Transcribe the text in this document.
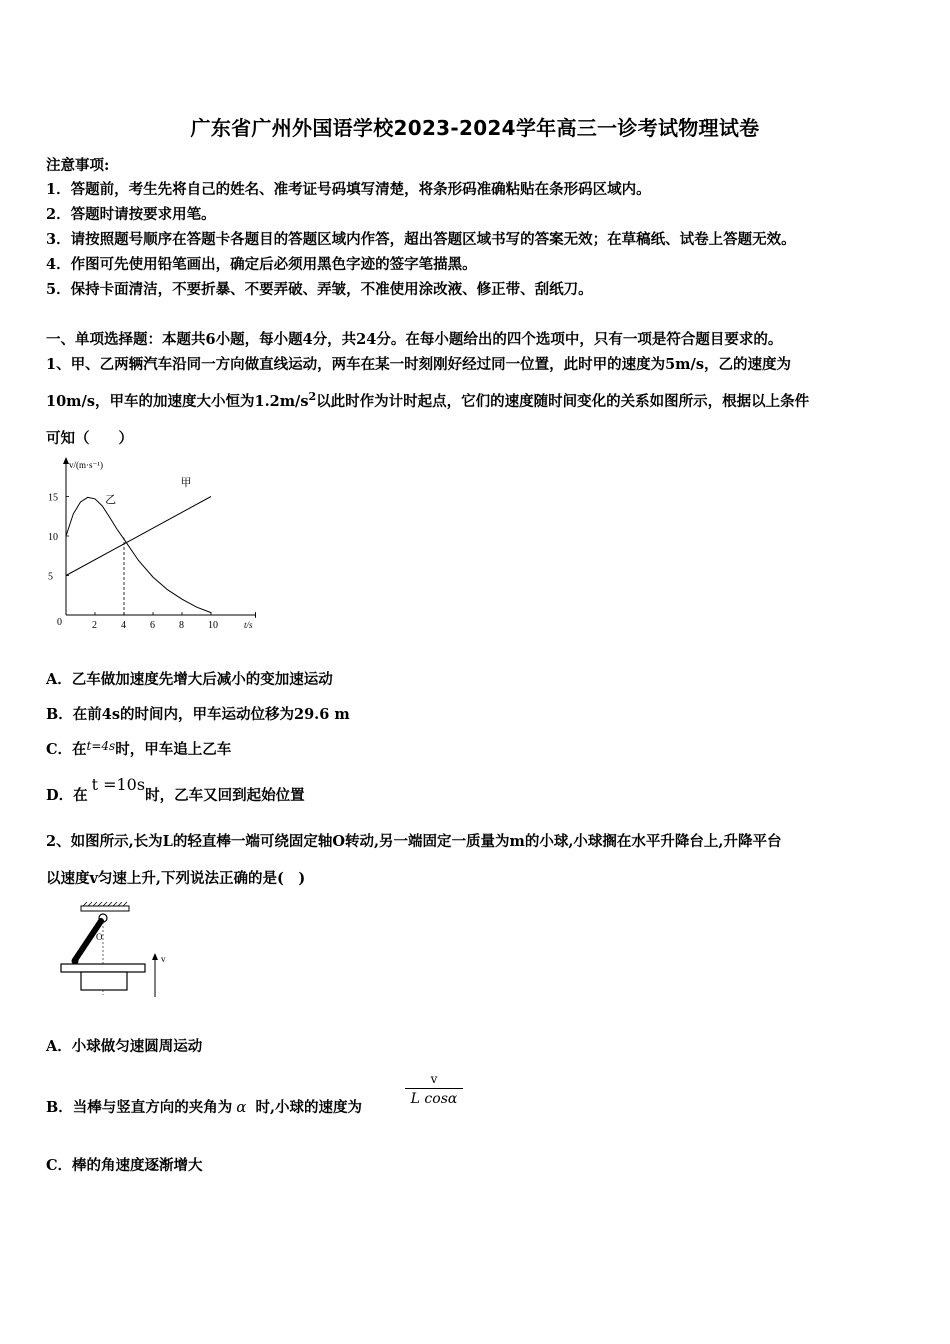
广东省广州外国语学校2023-2024学年高三一诊考试物理试卷
注意事项:
1．答题前，考生先将自己的姓名、准考证号码填写清楚，将条形码准确粘贴在条形码区域内。
2．答题时请按要求用笔。
3．请按照题号顺序在答题卡各题目的答题区域内作答，超出答题区域书写的答案无效；在草稿纸、试卷上答题无效。
4．作图可先使用铅笔画出，确定后必须用黑色字迹的签字笔描黑。
5．保持卡面清洁，不要折暴、不要弄破、弄皱，不准使用涂改液、修正带、刮纸刀。
一、单项选择题：本题共6小题，每小题4分，共24分。在每小题给出的四个选项中，只有一项是符合题目要求的。
1、甲、乙两辆汽车沿同一方向做直线运动，两车在某一时刻刚好经过同一位置，此时甲的速度为5m/s，乙的速度为
10m/s，甲车的加速度大小恒为$1.2m/s^2$以此时作为计时起点，它们的速度随时间变化的关系如图所示，根据以上条件
可知（　　）
v/(m·s⁻¹)
t/s
0	2 4 6 8 10
5
10
15
甲
乙
A．乙车做加速度先增大后减小的变加速运动
B．在前4s的时间内，甲车运动位移为29.6 m
C．在$^{t=4s}$时，甲车追上乙车
D．在t =10s时，乙车又回到起始位置
2、如图所示,长为L的轻直棒一端可绕固定轴O转动,另一端固定一质量为m的小球,小球搁在水平升降台上,升降平台
以速度v匀速上升,下列说法正确的是(　)
O
v
A．小球做匀速圆周运动
B．当棒与竖直方向的夹角为 α 时,小球的速度为
$\frac{v}{\text{L cosα}}$
C．棒的角速度逐渐增大
